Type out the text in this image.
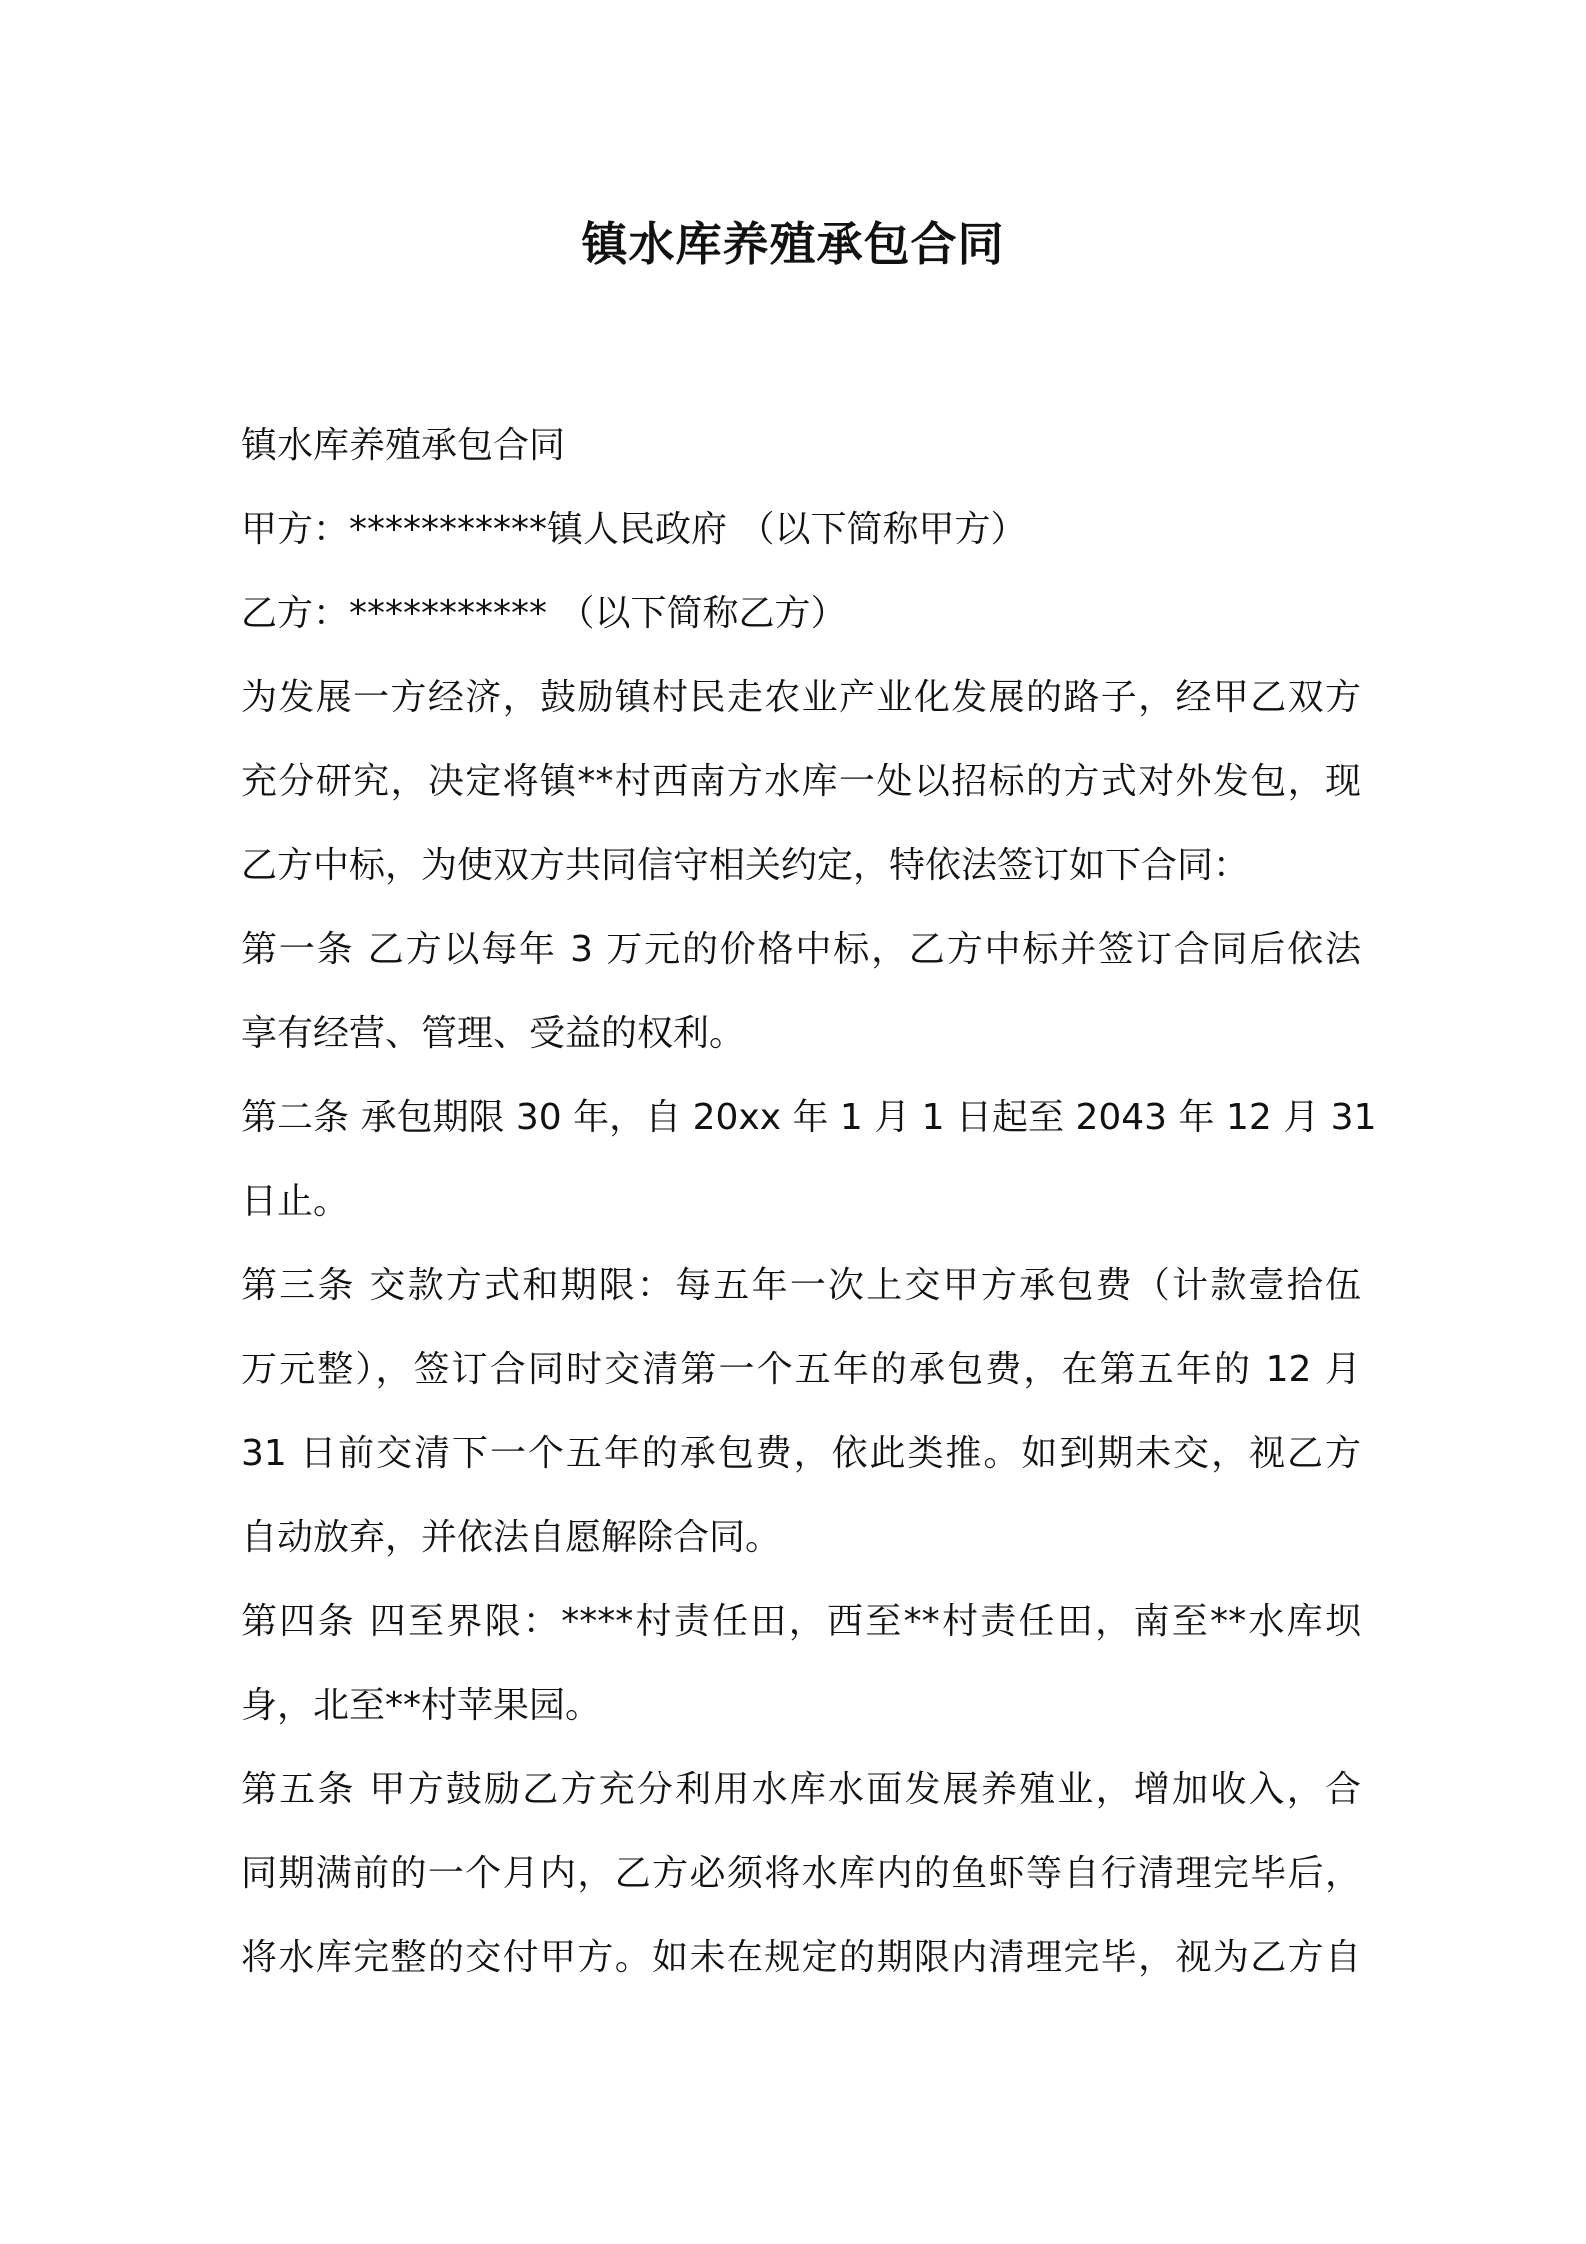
镇水库养殖承包合同

镇水库养殖承包合同

甲方：***********镇人民政府 （以下简称甲方）

乙方：*********** （以下简称乙方）

为发展一方经济，鼓励镇村民走农业产业化发展的路子，经甲乙双方
充分研究，决定将镇**村西南方水库一处以招标的方式对外发包，现
乙方中标，为使双方共同信守相关约定，特依法签订如下合同：

第一条 乙方以每年 3 万元的价格中标，乙方中标并签订合同后依法
享有经营、管理、受益的权利。

第二条 承包期限 30 年，自 20xx 年 1 月 1 日起至 2043 年 12 月 31
日止。

第三条 交款方式和期限：每五年一次上交甲方承包费（计款壹拾伍
万元整），签订合同时交清第一个五年的承包费，在第五年的 12 月
31 日前交清下一个五年的承包费，依此类推。如到期未交，视乙方
自动放弃，并依法自愿解除合同。

第四条 四至界限：****村责任田，西至**村责任田，南至**水库坝
身，北至**村苹果园。

第五条 甲方鼓励乙方充分利用水库水面发展养殖业，增加收入，合
同期满前的一个月内，乙方必须将水库内的鱼虾等自行清理完毕后，
将水库完整的交付甲方。如未在规定的期限内清理完毕，视为乙方自
